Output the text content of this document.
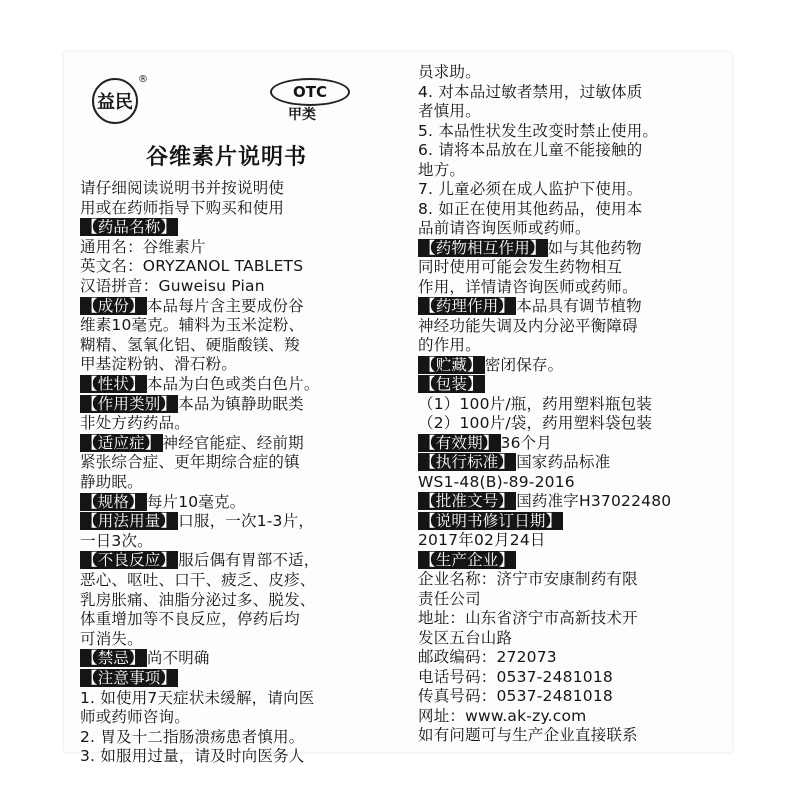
益民
®
OTC
甲类
谷维素片说明书
请仔细阅读说明书并按说明使
用或在药师指导下购买和使用
【药品名称】
通用名：谷维素片
英文名：ORYZANOL TABLETS
汉语拼音：Guweisu Pian
【成份】 本品每片含主要成份谷
维素10毫克。辅料为玉米淀粉、
糊精、氢氧化铝、硬脂酸镁、羧
甲基淀粉钠、滑石粉。
【性状】 本品为白色或类白色片。
【作用类别】 本品为镇静助眠类
非处方药药品。
【适应症】 神经官能症、经前期
紧张综合症、更年期综合症的镇
静助眠。
【规格】 每片10毫克。
【用法用量】 口服，一次1-3片，
一日3次。
【不良反应】 服后偶有胃部不适，
恶心、呕吐、口干、疲乏、皮疹、
乳房胀痛、油脂分泌过多、脱发、
体重增加等不良反应，停药后均
可消失。
【禁忌】 尚不明确
【注意事项】
1. 如使用7天症状未缓解，请向医
师或药师咨询。
2. 胃及十二指肠溃疡患者慎用。
3. 如服用过量，请及时向医务人
员求助。
4. 对本品过敏者禁用，过敏体质
者慎用。
5. 本品性状发生改变时禁止使用。
6. 请将本品放在儿童不能接触的
地方。
7. 儿童必须在成人监护下使用。
8. 如正在使用其他药品，使用本
品前请咨询医师或药师。
【药物相互作用】 如与其他药物
同时使用可能会发生药物相互
作用，详情请咨询医师或药师。
【药理作用】 本品具有调节植物
神经功能失调及内分泌平衡障碍
的作用。
【贮藏】 密闭保存。
【包装】
（1）100片/瓶，药用塑料瓶包装
（2）100片/袋，药用塑料袋包装
【有效期】 36个月
【执行标准】 国家药品标准
WS1-48(B)-89-2016
【批准文号】 国药准字H37022480
【说明书修订日期】
2017年02月24日
【生产企业】
企业名称：济宁市安康制药有限
责任公司
地址：山东省济宁市高新技术开
发区五台山路
邮政编码：272073
电话号码：0537-2481018
传真号码：0537-2481018
网址：www.ak-zy.com
如有问题可与生产企业直接联系
